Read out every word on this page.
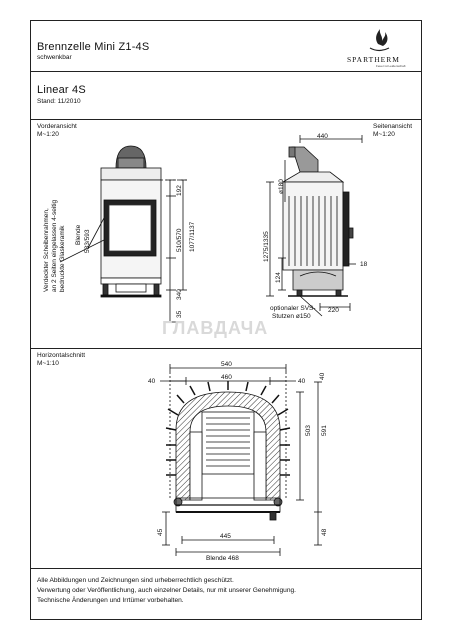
Brennzelle Mini Z1-4S
schwenkbar	SPARTHERM
Feuer ist Leidenschaft
Linear 4S
Stand: 11/2010
Vorderansicht
M~1:20
Seitenansicht
M~1:20
Horizontalschnitt
M~1:10
Alle Abbildungen und Zeichnungen sind urheberrechtlich geschützt.
Verwertung oder Veröffentlichung, auch einzelner Details, nur mit unserer Genehmigung.
Technische Änderungen und Irrtümer vorbehalten.
192
510/570 1077/1137
340
35
Blende 533/593
Verdeckter Scheibenrahmen, an 2 Seiten eingelassen 4-seitig bedruckte Glaskeramik
440
ø180
1275/1335
124
18
220
optionaler SVS-
Stutzen ø150
540
460
40	40
40
503 591
45
445
48
Blende 468
ГЛАВДАЧА
